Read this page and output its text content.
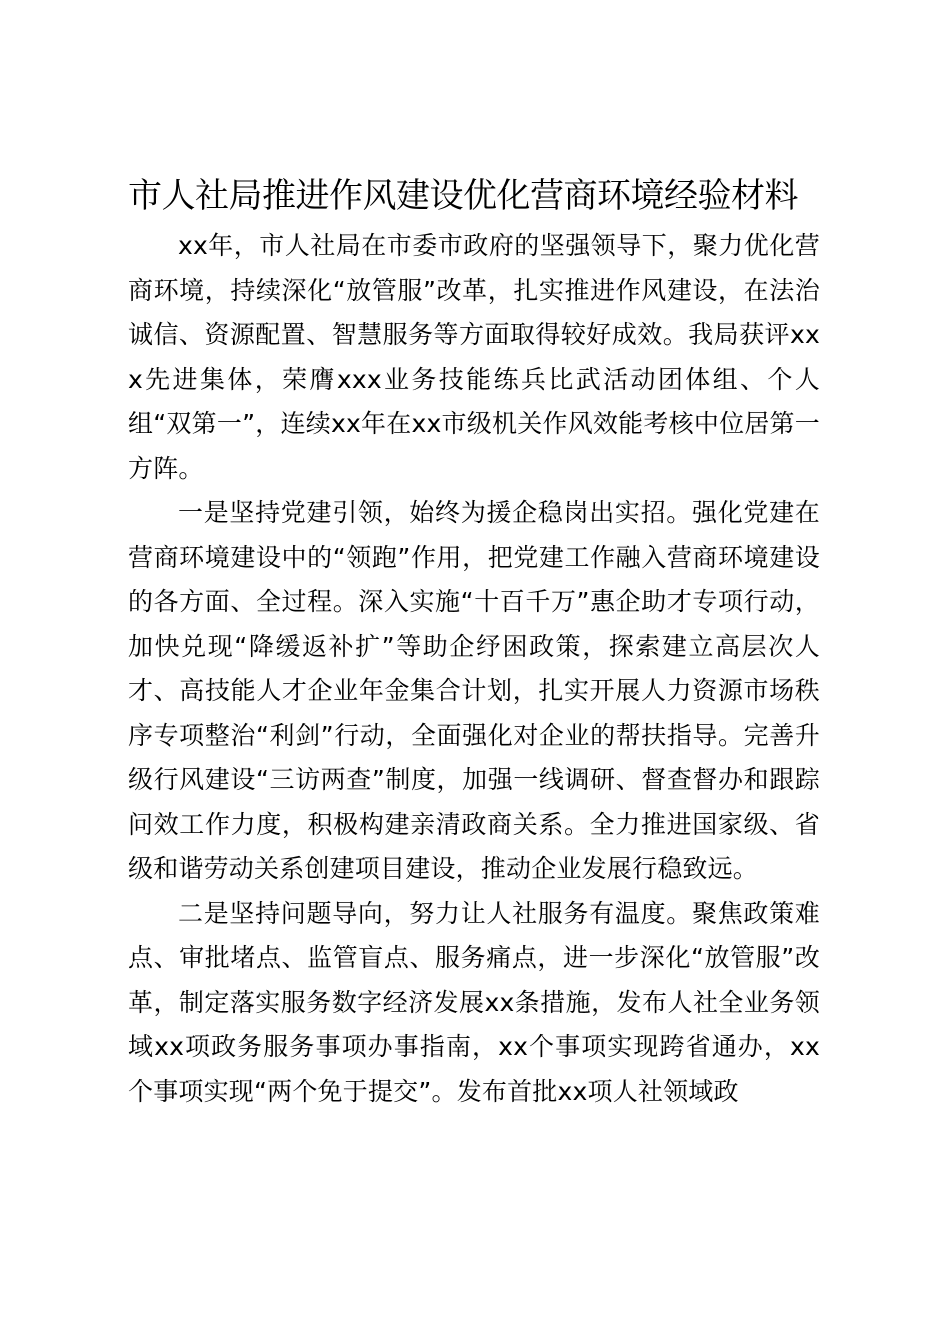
市人社局推进作风建设优化营商环境经验材料

xx年，市人社局在市委市政府的坚强领导下，聚力优化营商环境，持续深化“放管服”改革，扎实推进作风建设，在法治诚信、资源配置、智慧服务等方面取得较好成效。我局获评xxx先进集体，荣膺xxx业务技能练兵比武活动团体组、个人组“双第一”，连续xx年在xx市级机关作风效能考核中位居第一方阵。

一是坚持党建引领，始终为援企稳岗出实招。强化党建在营商环境建设中的“领跑”作用，把党建工作融入营商环境建设的各方面、全过程。深入实施“十百千万”惠企助才专项行动，加快兑现“降缓返补扩”等助企纾困政策，探索建立高层次人才、高技能人才企业年金集合计划，扎实开展人力资源市场秩序专项整治“利剑”行动，全面强化对企业的帮扶指导。完善升级行风建设“三访两查”制度，加强一线调研、督查督办和跟踪问效工作力度，积极构建亲清政商关系。全力推进国家级、省级和谐劳动关系创建项目建设，推动企业发展行稳致远。

二是坚持问题导向，努力让人社服务有温度。聚焦政策难点、审批堵点、监管盲点、服务痛点，进一步深化“放管服”改革，制定落实服务数字经济发展xx条措施，发布人社全业务领域xx项政务服务事项办事指南，xx个事项实现跨省通办，xx个事项实现“两个免于提交”。发布首批xx项人社领域政
